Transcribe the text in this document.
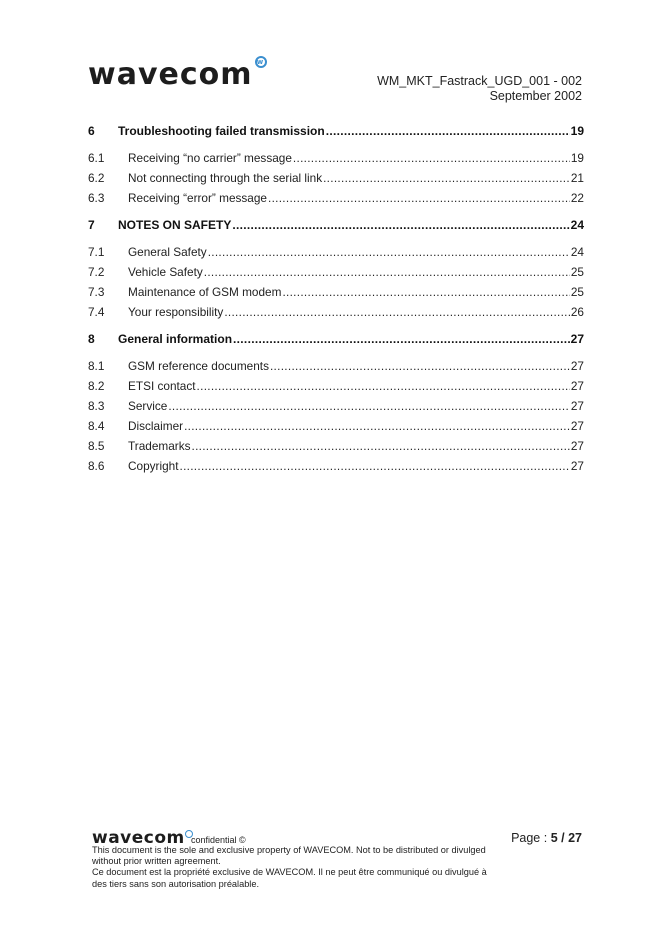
wavecom w
WM_MKT_Fastrack_UGD_001 - 002
September 2002
6	Troubleshooting failed transmission .....	19
6.1	Receiving “no carrier” message .....	19
6.2	Not connecting through the serial link .....	21
6.3	Receiving “error” message .....	22
7	NOTES ON SAFETY .....	24
7.1	General Safety .....	24
7.2	Vehicle Safety .....	25
7.3	Maintenance of GSM modem .....	25
7.4	Your responsibility .....	26
8	General information .....	27
8.1	GSM reference documents .....	27
8.2	ETSI contact .....	27
8.3	Service .....	27
8.4	Disclaimer .....	27
8.5	Trademarks .....	27
8.6	Copyright .....	27
wavecom confidential ©	Page : 5 / 27
This document is the sole and exclusive property of WAVECOM. Not to be distributed or divulged
without prior written agreement.
Ce document est la propriété exclusive de WAVECOM. Il ne peut être communiqué ou divulgué à
des tiers sans son autorisation préalable.
